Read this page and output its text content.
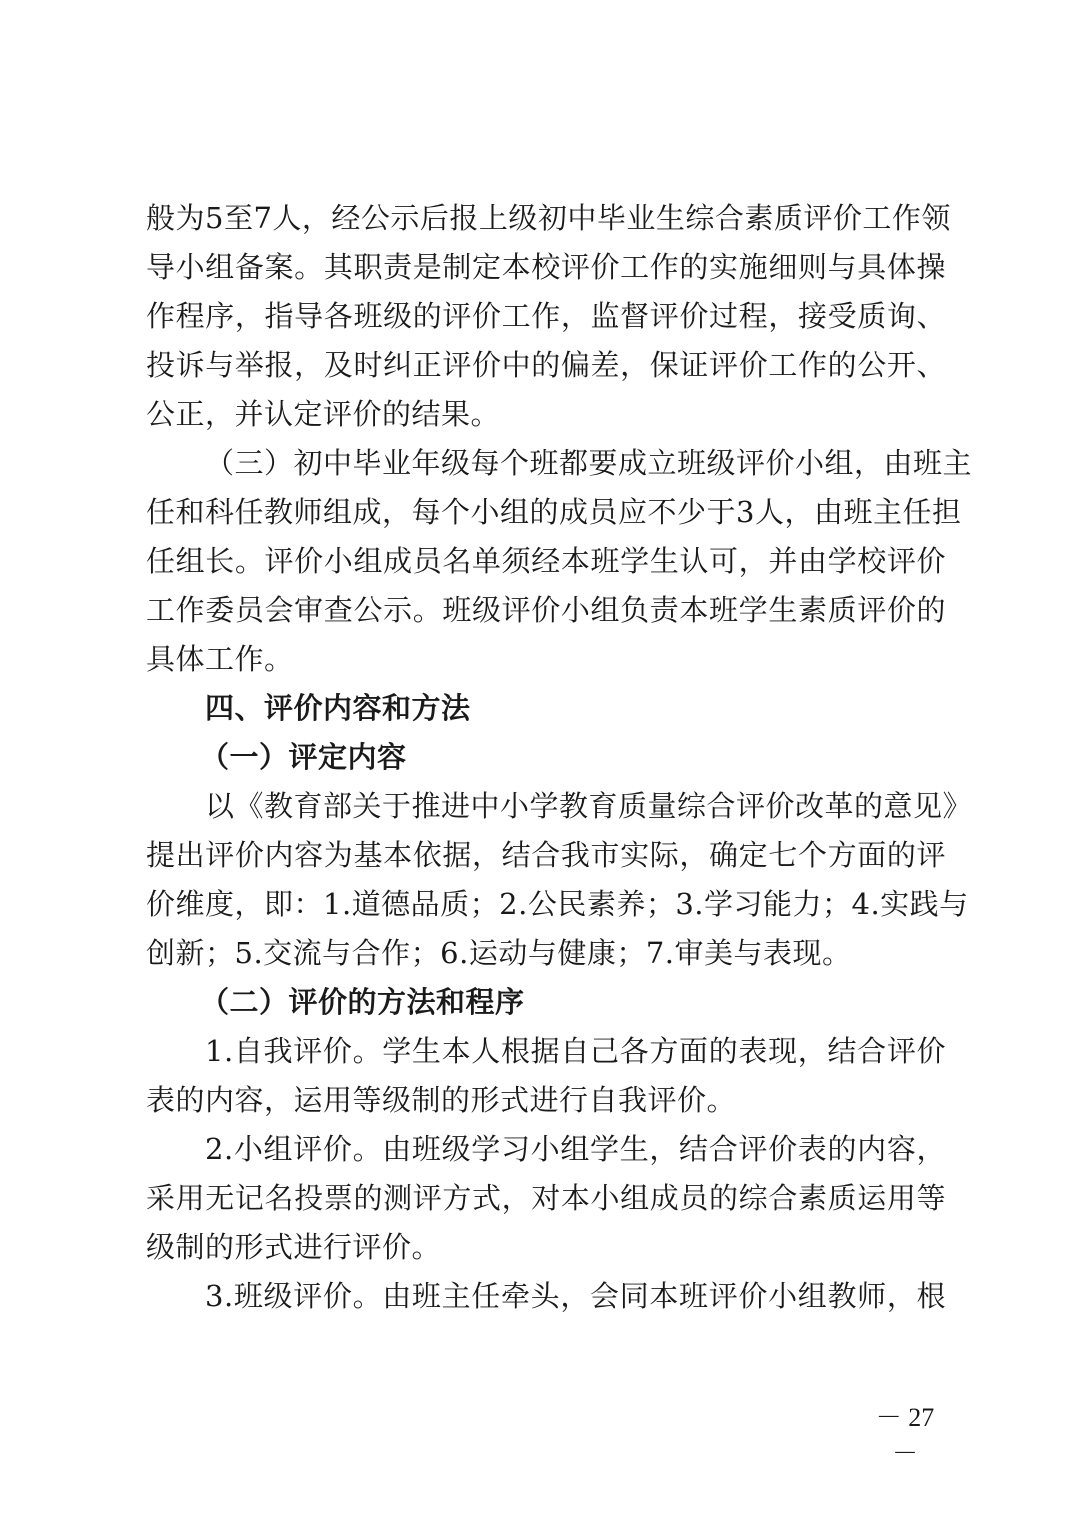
般为5至7人，经公示后报上级初中毕业生综合素质评价工作领

导小组备案。其职责是制定本校评价工作的实施细则与具体操

作程序，指导各班级的评价工作，监督评价过程，接受质询、

投诉与举报，及时纠正评价中的偏差，保证评价工作的公开、

公正，并认定评价的结果。

（三）初中毕业年级每个班都要成立班级评价小组，由班主

任和科任教师组成，每个小组的成员应不少于3人，由班主任担

任组长。评价小组成员名单须经本班学生认可，并由学校评价

工作委员会审查公示。班级评价小组负责本班学生素质评价的

具体工作。

四、评价内容和方法

（一）评定内容

以《教育部关于推进中小学教育质量综合评价改革的意见》

提出评价内容为基本依据，结合我市实际，确定七个方面的评

价维度，即：1.道德品质；2.公民素养；3.学习能力；4.实践与

创新；5.交流与合作；6.运动与健康；7.审美与表现。

（二）评价的方法和程序

1.自我评价。学生本人根据自己各方面的表现，结合评价

表的内容，运用等级制的形式进行自我评价。

2.小组评价。由班级学习小组学生，结合评价表的内容，

采用无记名投票的测评方式，对本小组成员的综合素质运用等

级制的形式进行评价。

3.班级评价。由班主任牵头，会同本班评价小组教师，根

－ 27 －
